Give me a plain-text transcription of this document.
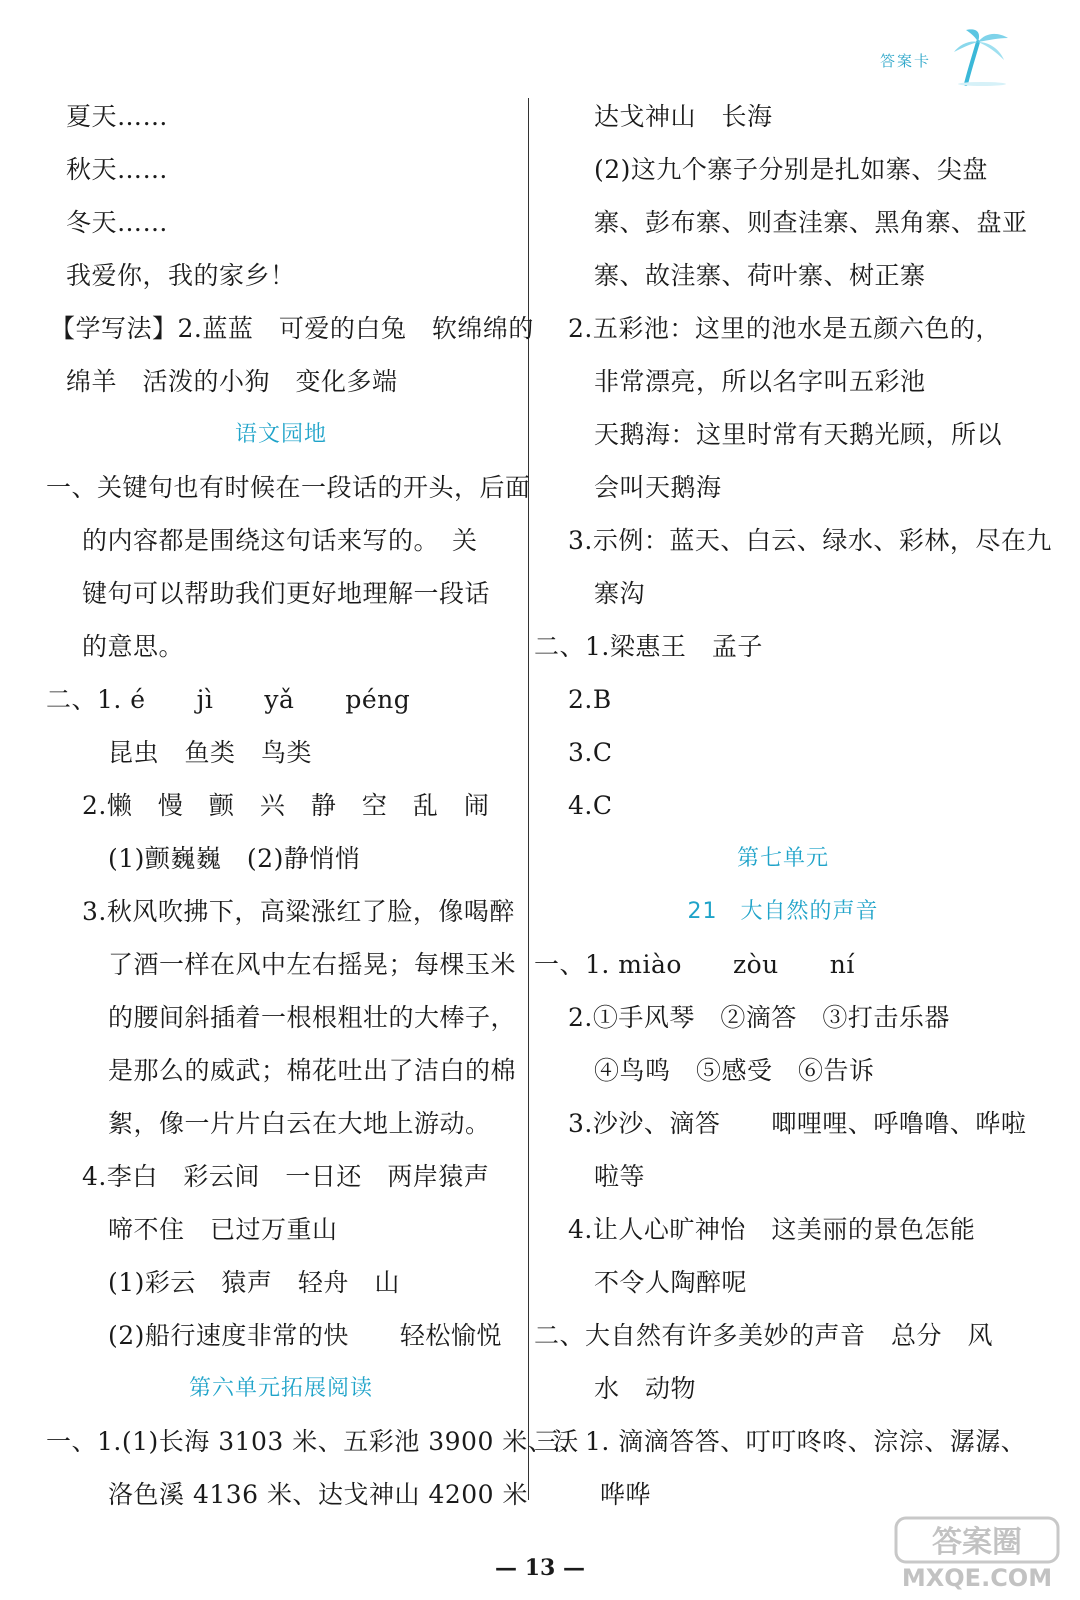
答案卡
夏天……
秋天……
冬天……
我爱你，我的家乡！
【学写法】2.蓝蓝　可爱的白兔　软绵绵的
绵羊　活泼的小狗　变化多端
语文园地
一、关键句也有时候在一段话的开头，后面
的内容都是围绕这句话来写的。　关
键句可以帮助我们更好地理解一段话
的意思。
二、1. é　　jì　　yǎ　　péng
昆虫　鱼类　鸟类
2.懒　慢　颤　兴　静　空　乱　闹
(1)颤巍巍　(2)静悄悄
3.秋风吹拂下，高粱涨红了脸，像喝醉
了酒一样在风中左右摇晃；每棵玉米
的腰间斜插着一根根粗壮的大棒子，
是那么的威武；棉花吐出了洁白的棉
絮，像一片片白云在大地上游动。
4.李白　彩云间　一日还　两岸猿声
啼不住　已过万重山
(1)彩云　猿声　轻舟　山
(2)船行速度非常的快　　轻松愉悦
第六单元拓展阅读
一、1.(1)长海 3103 米、五彩池 3900 米、沃
洛色溪 4136 米、达戈神山 4200 米
达戈神山　长海
(2)这九个寨子分别是扎如寨、尖盘
寨、彭布寨、则查洼寨、黑角寨、盘亚
寨、故洼寨、荷叶寨、树正寨
2.五彩池：这里的池水是五颜六色的，
非常漂亮，所以名字叫五彩池
天鹅海：这里时常有天鹅光顾，所以
会叫天鹅海
3.示例：蓝天、白云、绿水、彩林，尽在九
寨沟
二、1.梁惠王　孟子
2.B
3.C
4.C
第七单元
21　大自然的声音
一、1. miào　　zòu　　ní
2.①手风琴　②滴答　③打击乐器
④鸟鸣　⑤感受　⑥告诉
3.沙沙、滴答　　唧哩哩、呼噜噜、哗啦
啦等
4.让人心旷神怡　这美丽的景色怎能
不令人陶醉呢
二、大自然有许多美妙的声音　总分　风
水　动物
三、1. 滴滴答答、叮叮咚咚、淙淙、潺潺、
哗哗
— 13 —
答案圈
MXQE.COM
